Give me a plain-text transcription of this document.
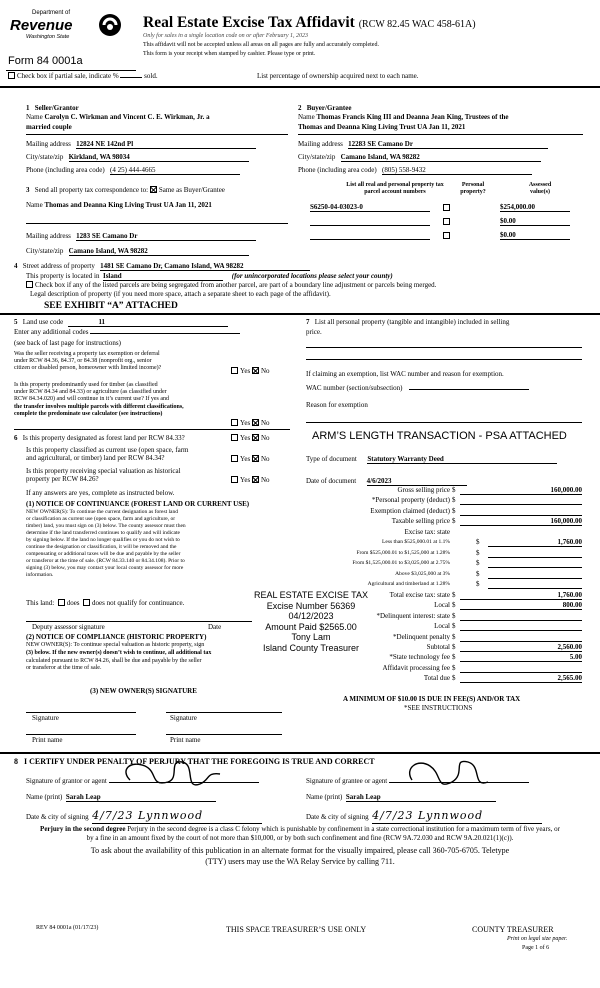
Department of
Revenue
Washington State
Real Estate Excise Tax Affidavit (RCW 82.45 WAC 458-61A)
Only for sales in a single location code on or after February 1, 2023
This affidavit will not be accepted unless all areas on all pages are fully and accurately completed.
This form is your receipt when stamped by cashier. Please type or print.
Form 84 0001a
Check box if partial sale, indicate %	sold.	List percentage of ownership acquired next to each name.
1 Seller/Grantor
Name Carolyn C. Wirkman and Vincent C. E. Wirkman, Jr. a
married couple
Mailing address 12824 NE 142nd Pl
City/state/zip Kirkland, WA 98034
Phone (including area code) (4 25) 444-4665
2 Buyer/Grantee
Name Thomas Francis King III and Deanna Jean King, Trustees of the
Thomas and Deanna King Living Trust UA Jan 11, 2021
Mailing address 12283 SE Camano Dr
City/state/zip Camano Island, WA 98282
Phone (including area code) (805) 558-9432
3 Send all property tax correspondence to: Same as Buyer/Grantee
Name Thomas and Deanna King Living Trust UA Jan 11, 2021
Mailing address 1283 SE Camano Dr
City/state/zip Camano Island, WA 98282
List all real and personal property tax
parcel account numbers
Personal
property?
Assessed
value(s)
S6250-04-03023-0	$254,000.00
$0.00
$0.00
4 Street address of property 1481 SE Camano Dr, Camano Island, WA 98282
This property is located in Island	(for unincorporated locations please select your county)
Check box if any of the listed parcels are being segregated from another parcel, are part of a boundary line adjustment or parcels being merged.
Legal description of property (if you need more space, attach a separate sheet to each page of the affidavit).
SEE EXHIBIT “A” ATTACHED
5 Land use code	11
Enter any additional codes
(see back of last page for instructions)
Was the seller receiving a property tax exemption or deferral
under RCW 84.36, 84.37, or 84.38 (nonprofit org., senior
citizen or disabled person, homeowner with limited income)?	Yes No
Is this property predominantly used for timber (as classified
under RCW 84.34 and 84.33) or agriculture (as classified under
RCW 84.34.020) and will continue in it’s current use? If yes and
the transfer involves multiple parcels with different classifications,
complete the predominate use calculator (see instructions)
Yes No
6 Is this property designated as forest land per RCW 84.33?	Yes No
Is this property classified as current use (open space, farm
and agricultural, or timber) land per RCW 84.34?	Yes No
Is this property receiving special valuation as historical
property per RCW 84.26?	Yes No
If any answers are yes, complete as instructed below.
(1) NOTICE OF CONTINUANCE (FOREST LAND OR CURRENT USE)
NEW OWNER(S): To continue the current designation as forest land
or classification as current use (open space, farm and agriculture, or
timber) land, you must sign on (3) below. The county assessor must then
determine if the land transferred continues to qualify and will indicate
by signing below. If the land no longer qualifies or you do not wish to
continue the designation or classification, it will be removed and the
compensating or additional taxes will be due and payable by the seller
or transferor at the time of sale. (RCW 84.33.140 or 84.34.108). Prior to
signing (3) below, you may contact your local county assessor for more
information.
This land: does does not qualify for continuance.
Deputy assessor signature	Date
(2) NOTICE OF COMPLIANCE (HISTORIC PROPERTY)
NEW OWNER(S): To continue special valuation as historic property, sign
(3) below. If the new owner(s) doesn’t wish to continue, all additional tax
calculated pursuant to RCW 84.26, shall be due and payable by the seller
or transferor at the time of sale.
(3) NEW OWNER(S) SIGNATURE
Signature	Signature
Print name	Print name
REAL ESTATE EXCISE TAX
Excise Number 56369
04/12/2023
Amount Paid $2565.00
Tony Lam
Island County Treasurer
7 List all personal property (tangible and intangible) included in selling
price.
If claiming an exemption, list WAC number and reason for exemption.
WAC number (section/subsection)
Reason for exemption
ARM’S LENGTH TRANSACTION - PSA ATTACHED
Type of document Statutory Warranty Deed
Date of document 4/6/2023
Gross selling price $	160,000.00
*Personal property (deduct) $
Exemption claimed (deduct) $
Taxable selling price $	160,000.00
Excise tax: state
Less than $525,000.01 at 1.1%	$	1,760.00
From $525,000.01 to $1,525,000 at 1.28%	$
From $1,525,000.01 to $3,025,000 at 2.75%	$
Above $3,025,000 at 3%	$
Agricultural and timberland at 1.28%	$
Total excise tax: state $	1,760.00
Local $	800.00
*Delinquent interest: state $
Local $
*Delinquent penalty $
Subtotal $	2,560.00
*State technology fee $	5.00
Affidavit processing fee $
Total due $	2,565.00
A MINIMUM OF $10.00 IS DUE IN FEE(S) AND/OR TAX
*SEE INSTRUCTIONS
8 I CERTIFY UNDER PENALTY OF PERJURY THAT THE FOREGOING IS TRUE AND CORRECT
Signature of grantor or agent
Name (print) Sarah Leap
Date & city of signing 4/7/23 Lynnwood
Signature of grantee or agent
Name (print) Sarah Leap
Date & city of signing 4/7/23 Lynnwood
Perjury in the second degree Perjury in the second degree is a class C felony which is punishable by confinement in a state correctional institution for a maximum term of five years, or
by a fine in an amount fixed by the court of not more than $10,000, or by both such confinement and fine (RCW 9A.72.030 and RCW 9A.20.021(1)(c)).
To ask about the availability of this publication in an alternate format for the visually impaired, please call 360-705-6705. Teletype
(TTY) users may use the WA Relay Service by calling 711.
REV 84 0001a (01/17/23)	THIS SPACE TREASURER’S USE ONLY	COUNTY TREASURER
Print on legal size paper.
Page 1 of 6
